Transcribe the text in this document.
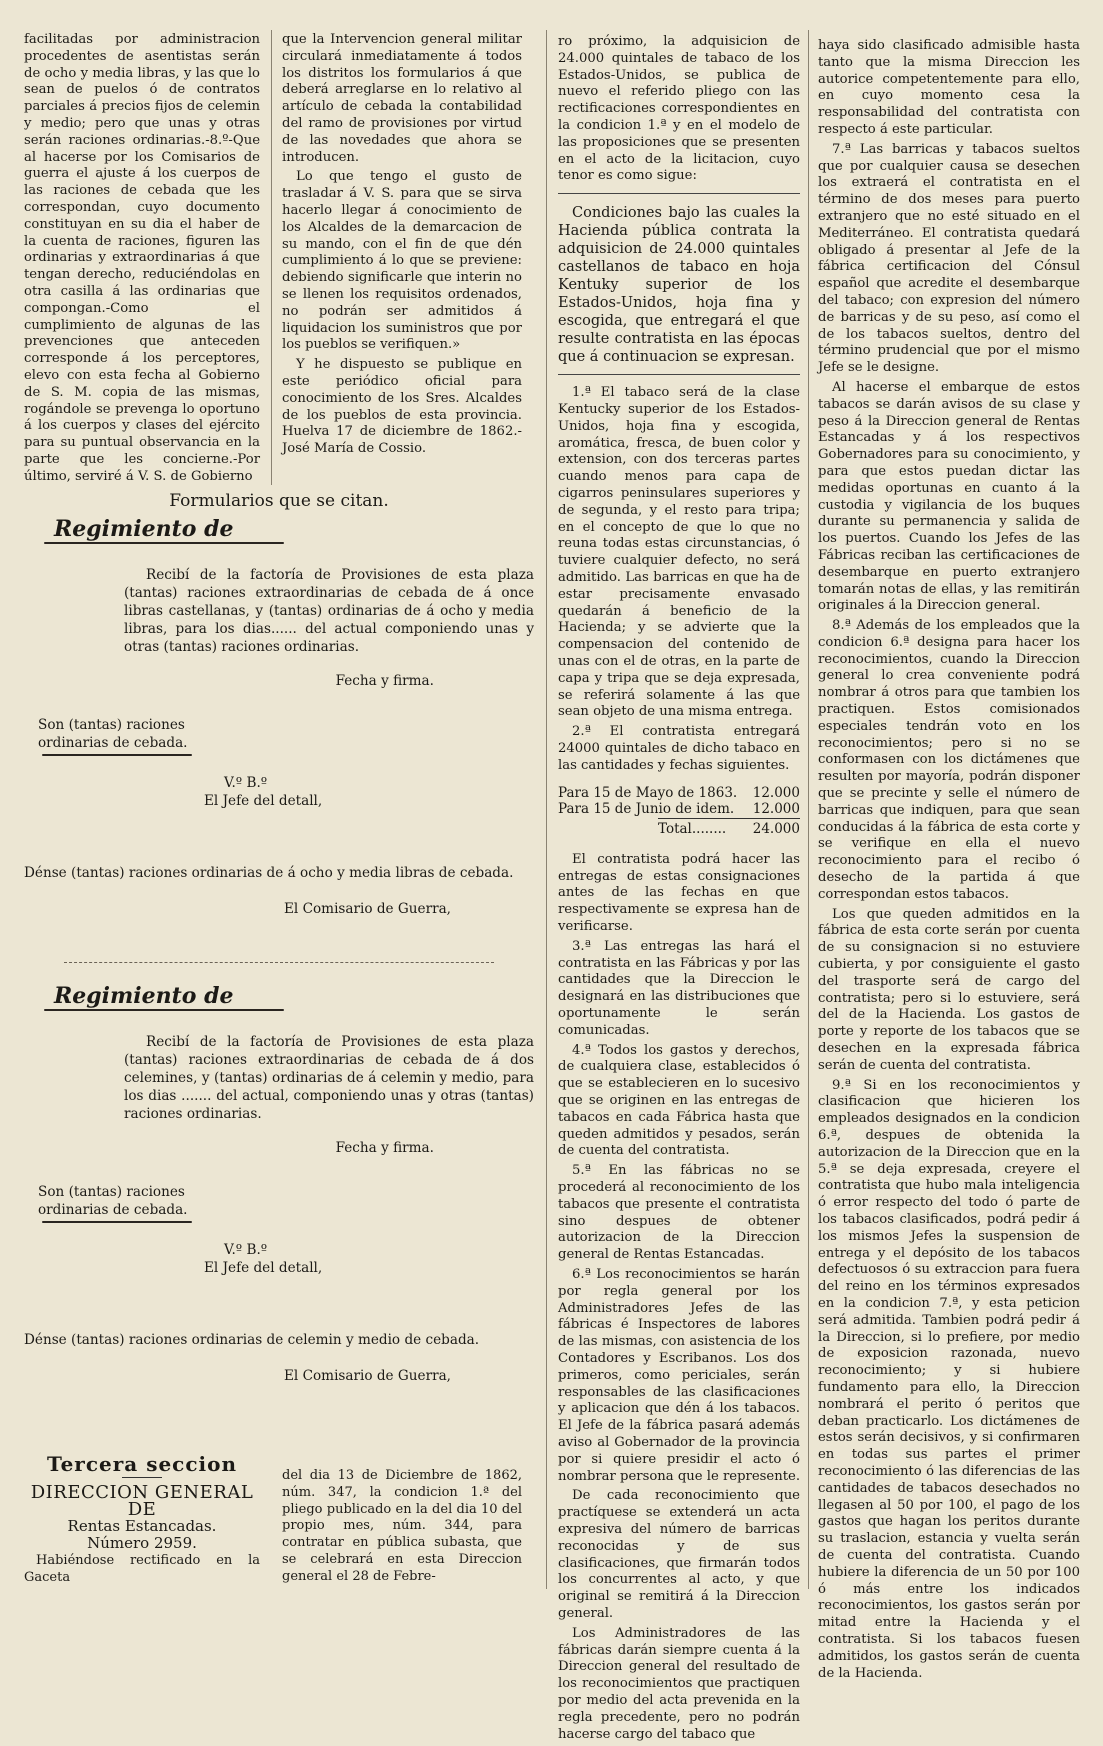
facilitadas por administracion procedentes de asentistas serán de ocho y media libras, y las que lo sean de puelos ó de contratos parciales á precios fijos de celemin y medio; pero que unas y otras serán raciones ordinarias.-8.º-Que al hacerse por los Comisarios de guerra el ajuste á los cuerpos de las raciones de cebada que les correspondan, cuyo documento constituyan en su dia el haber de la cuenta de raciones, figuren las ordinarias y extraordinarias á que tengan derecho, reduciéndolas en otra casilla á las ordinarias que compongan.-Como el cumplimiento de algunas de las prevenciones que anteceden corresponde á los perceptores, elevo con esta fecha al Gobierno de S. M. copia de las mismas, rogándole se prevenga lo oportuno á los cuerpos y clases del ejército para su puntual observancia en la parte que les concierne.-Por último, serviré á V. S. de Gobierno

que la Intervencion general militar circulará inmediatamente á todos los distritos los formularios á que deberá arreglarse en lo relativo al artículo de cebada la contabilidad del ramo de provisiones por virtud de las novedades que ahora se introducen.

Lo que tengo el gusto de trasladar á V. S. para que se sirva hacerlo llegar á conocimiento de los Alcaldes de la demarcacion de su mando, con el fin de que dén cumplimiento á lo que se previene: debiendo significarle que interin no se llenen los requisitos ordenados, no podrán ser admitidos á liquidacion los suministros que por los pueblos se verifiquen.»

Y he dispuesto se publique en este periódico oficial para conocimiento de los Sres. Alcaldes de los pueblos de esta provincia. Huelva 17 de diciembre de 1862.-José María de Cossio.

Formularios que se citan.
Regimiento de
Recibí de la factoría de Provisiones de esta plaza (tantas) raciones extraordinarias de cebada de á once libras castellanas, y (tantas) ordinarias de á ocho y media libras, para los dias...... del actual componiendo unas y otras (tantas) raciones ordinarias.
Fecha y firma.
Son (tantas) raciones ordinarias de cebada.
V.º B.º
El Jefe del detall,
Dénse (tantas) raciones ordinarias de á ocho y media libras de cebada.
El Comisario de Guerra,
Regimiento de
Recibí de la factoría de Provisiones de esta plaza (tantas) raciones extraordinarias de cebada de á dos celemines, y (tantas) ordinarias de á celemin y medio, para los dias ....... del actual, componiendo unas y otras (tantas) raciones ordinarias.
Fecha y firma.
Son (tantas) raciones ordinarias de cebada.
V.º B.º
El Jefe del detall,
Dénse (tantas) raciones ordinarias de celemin y medio de cebada.
El Comisario de Guerra,
Tercera seccion
DIRECCION GENERAL DE
Rentas Estancadas.
Número 2959.

Habiéndose rectificado en la Gaceta

del dia 13 de Diciembre de 1862, núm. 347, la condicion 1.ª del pliego publicado en la del dia 10 del propio mes, núm. 344, para contratar en pública subasta, que se celebrará en esta Direccion general el 28 de Febre-

ro próximo, la adquisicion de 24.000 quintales de tabaco de los Estados-Unidos, se publica de nuevo el referido pliego con las rectificaciones correspondientes en la condicion 1.ª y en el modelo de las proposiciones que se presenten en el acto de la licitacion, cuyo tenor es como sigue:

Condiciones bajo las cuales la Hacienda pública contrata la adquisicion de 24.000 quintales castellanos de tabaco en hoja Kentuky superior de los Estados-Unidos, hoja fina y escogida, que entregará el que resulte contratista en las épocas que á continuacion se expresan.

1.ª El tabaco será de la clase Kentucky superior de los Estados-Unidos, hoja fina y escogida, aromática, fresca, de buen color y extension, con dos terceras partes cuando menos para capa de cigarros peninsulares superiores y de segunda, y el resto para tripa; en el concepto de que lo que no reuna todas estas circunstancias, ó tuviere cualquier defecto, no será admitido. Las barricas en que ha de estar precisamente envasado quedarán á beneficio de la Hacienda; y se advierte que la compensacion del contenido de unas con el de otras, en la parte de capa y tripa que se deja expresada, se referirá solamente á las que sean objeto de una misma entrega.

2.ª El contratista entregará 24000 quintales de dicho tabaco en las cantidades y fechas siguientes.

Para 15 de Mayo de 1863. 12.000
Para 15 de Junio de idem. 12.000
Total........ 24.000

El contratista podrá hacer las entregas de estas consignaciones antes de las fechas en que respectivamente se expresa han de verificarse.

3.ª Las entregas las hará el contratista en las Fábricas y por las cantidades que la Direccion le designará en las distribuciones que oportunamente le serán comunicadas.

4.ª Todos los gastos y derechos, de cualquiera clase, establecidos ó que se establecieren en lo sucesivo que se originen en las entregas de tabacos en cada Fábrica hasta que queden admitidos y pesados, serán de cuenta del contratista.

5.ª En las fábricas no se procederá al reconocimiento de los tabacos que presente el contratista sino despues de obtener autorizacion de la Direccion general de Rentas Estancadas.

6.ª Los reconocimientos se harán por regla general por los Administradores Jefes de las fábricas é Inspectores de labores de las mismas, con asistencia de los Contadores y Escribanos. Los dos primeros, como periciales, serán responsables de las clasificaciones y aplicacion que dén á los tabacos. El Jefe de la fábrica pasará además aviso al Gobernador de la provincia por si quiere presidir el acto ó nombrar persona que le represente.

De cada reconocimiento que practíquese se extenderá un acta expresiva del número de barricas reconocidas y de sus clasificaciones, que firmarán todos los concurrentes al acto, y que original se remitirá á la Direccion general.

Los Administradores de las fábricas darán siempre cuenta á la Direccion general del resultado de los reconocimientos que practiquen por medio del acta prevenida en la regla precedente, pero no podrán hacerse cargo del tabaco que

haya sido clasificado admisible hasta tanto que la misma Direccion les autorice competentemente para ello, en cuyo momento cesa la responsabilidad del contratista con respecto á este particular.

7.ª Las barricas y tabacos sueltos que por cualquier causa se desechen los extraerá el contratista en el término de dos meses para puerto extranjero que no esté situado en el Mediterráneo. El contratista quedará obligado á presentar al Jefe de la fábrica certificacion del Cónsul español que acredite el desembarque del tabaco; con expresion del número de barricas y de su peso, así como el de los tabacos sueltos, dentro del término prudencial que por el mismo Jefe se le designe.

Al hacerse el embarque de estos tabacos se darán avisos de su clase y peso á la Direccion general de Rentas Estancadas y á los respectivos Gobernadores para su conocimiento, y para que estos puedan dictar las medidas oportunas en cuanto á la custodia y vigilancia de los buques durante su permanencia y salida de los puertos. Cuando los Jefes de las Fábricas reciban las certificaciones de desembarque en puerto extranjero tomarán notas de ellas, y las remitirán originales á la Direccion general.

8.ª Además de los empleados que la condicion 6.ª designa para hacer los reconocimientos, cuando la Direccion general lo crea conveniente podrá nombrar á otros para que tambien los practiquen. Estos comisionados especiales tendrán voto en los reconocimientos; pero si no se conformasen con los dictámenes que resulten por mayoría, podrán disponer que se precinte y selle el número de barricas que indiquen, para que sean conducidas á la fábrica de esta corte y se verifique en ella el nuevo reconocimiento para el recibo ó desecho de la partida á que correspondan estos tabacos.

Los que queden admitidos en la fábrica de esta corte serán por cuenta de su consignacion si no estuviere cubierta, y por consiguiente el gasto del trasporte será de cargo del contratista; pero si lo estuviere, será del de la Hacienda. Los gastos de porte y reporte de los tabacos que se desechen en la expresada fábrica serán de cuenta del contratista.

9.ª Si en los reconocimientos y clasificacion que hicieren los empleados designados en la condicion 6.ª, despues de obtenida la autorizacion de la Direccion que en la 5.ª se deja expresada, creyere el contratista que hubo mala inteligencia ó error respecto del todo ó parte de los tabacos clasificados, podrá pedir á los mismos Jefes la suspension de entrega y el depósito de los tabacos defectuosos ó su extraccion para fuera del reino en los términos expresados en la condicion 7.ª, y esta peticion será admitida. Tambien podrá pedir á la Direccion, si lo prefiere, por medio de exposicion razonada, nuevo reconocimiento; y si hubiere fundamento para ello, la Direccion nombrará el perito ó peritos que deban practicarlo. Los dictámenes de estos serán decisivos, y si confirmaren en todas sus partes el primer reconocimiento ó las diferencias de las cantidades de tabacos desechados no llegasen al 50 por 100, el pago de los gastos que hagan los peritos durante su traslacion, estancia y vuelta serán de cuenta del contratista. Cuando hubiere la diferencia de un 50 por 100 ó más entre los indicados reconocimientos, los gastos serán por mitad entre la Hacienda y el contratista. Si los tabacos fuesen admitidos, los gastos serán de cuenta de la Hacienda.
